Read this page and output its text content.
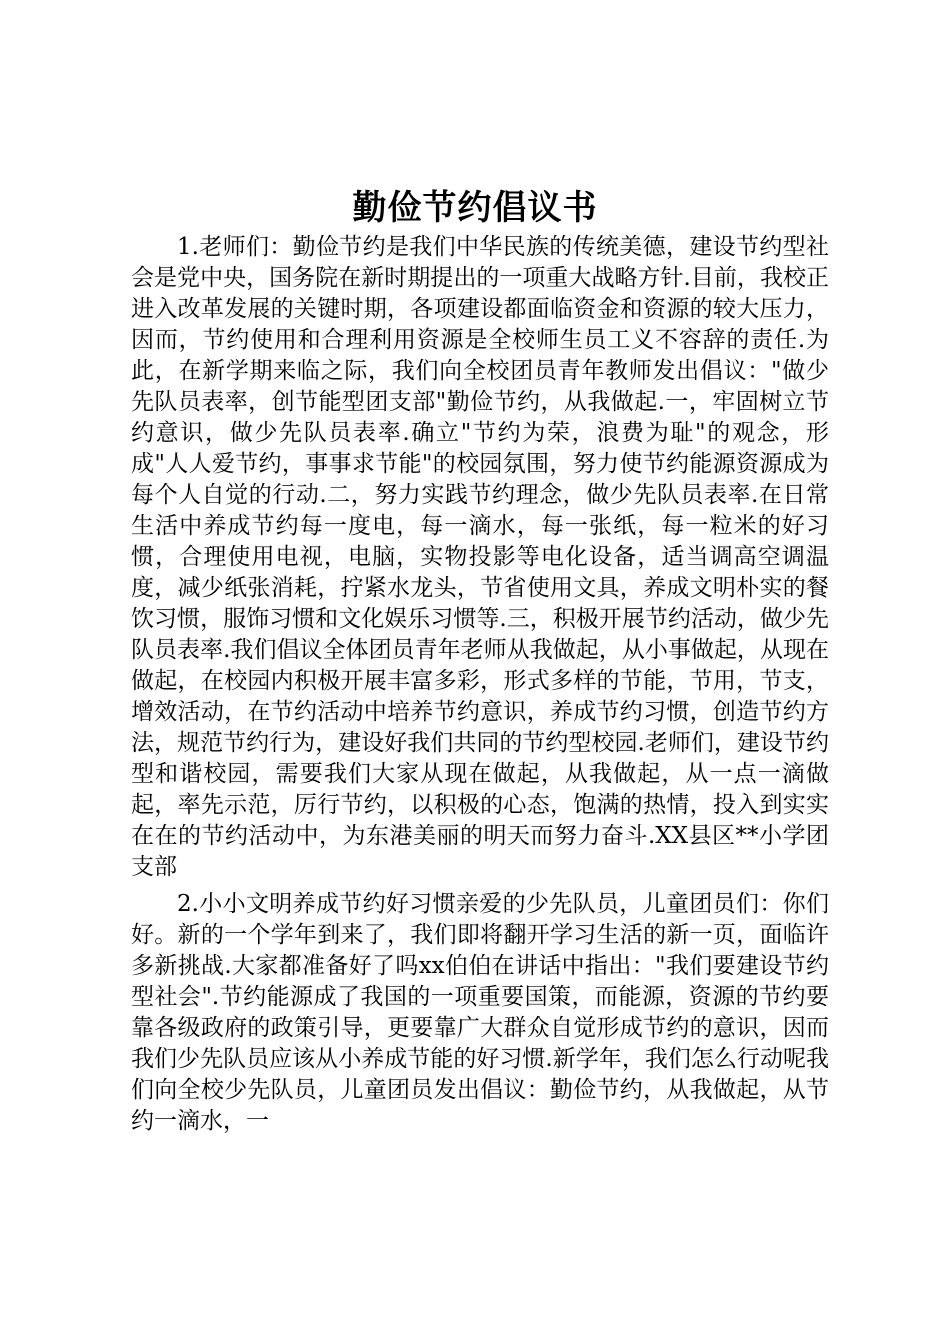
勤俭节约倡议书

1.老师们：勤俭节约是我们中华民族的传统美德，建设节约型社会是党中央，国务院在新时期提出的一项重大战略方针.目前，我校正进入改革发展的关键时期，各项建设都面临资金和资源的较大压力，因而，节约使用和合理利用资源是全校师生员工义不容辞的责任.为此，在新学期来临之际，我们向全校团员青年教师发出倡议："做少先队员表率，创节能型团支部"勤俭节约，从我做起.一，牢固树立节约意识，做少先队员表率.确立"节约为荣，浪费为耻"的观念，形成"人人爱节约，事事求节能"的校园氛围，努力使节约能源资源成为每个人自觉的行动.二，努力实践节约理念，做少先队员表率.在日常生活中养成节约每一度电，每一滴水，每一张纸，每一粒米的好习惯，合理使用电视，电脑，实物投影等电化设备，适当调高空调温度，减少纸张消耗，拧紧水龙头，节省使用文具，养成文明朴实的餐饮习惯，服饰习惯和文化娱乐习惯等.三，积极开展节约活动，做少先队员表率.我们倡议全体团员青年老师从我做起，从小事做起，从现在做起，在校园内积极开展丰富多彩，形式多样的节能，节用，节支，增效活动，在节约活动中培养节约意识，养成节约习惯，创造节约方法，规范节约行为，建设好我们共同的节约型校园.老师们，建设节约型和谐校园，需要我们大家从现在做起，从我做起，从一点一滴做起，率先示范，厉行节约，以积极的心态，饱满的热情，投入到实实在在的节约活动中，为东港美丽的明天而努力奋斗.XX县区**小学团支部

2.小小文明养成节约好习惯亲爱的少先队员，儿童团员们：你们好。新的一个学年到来了，我们即将翻开学习生活的新一页，面临许多新挑战.大家都准备好了吗xx伯伯在讲话中指出："我们要建设节约型社会".节约能源成了我国的一项重要国策，而能源，资源的节约要靠各级政府的政策引导，更要靠广大群众自觉形成节约的意识，因而我们少先队员应该从小养成节能的好习惯.新学年，我们怎么行动呢我们向全校少先队员，儿童团员发出倡议：勤俭节约，从我做起，从节约一滴水，一
